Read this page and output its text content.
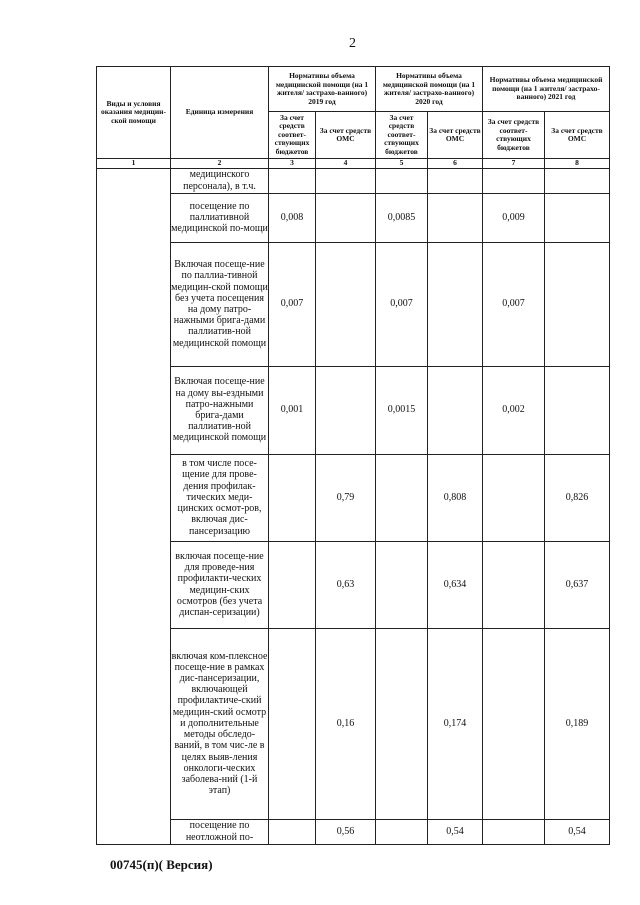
2
Виды и условия оказания медицин-ской помощи	Единица измерения	Нормативы объема медицинской помощи (на 1 жителя/ застрахо-ванного) 2019 год		Нормативы объема медицинской помощи (на 1 жителя/ застрахо-ванного) 2020 год		Нормативы объема медицинской помощи (на 1 жителя/ застрахо-ванного) 2021 год	
		За счет средств соответ-ствующих бюджетов	За счет средств ОМС	За счет средств соответ-ствующих бюджетов	За счет средств ОМС	За счет средств соответ-ствующих бюджетов	За счет средств ОМС
1	2	3	4	5	6	7	8
	медицинского персонала), в т.ч.						
	посещение по паллиативной медицинской по-мощи	0,008		0,0085		0,009	
	Включая посеще-ние по паллиа-тивной медицин-ской помощи без учета посещения на дому патро-нажными брига-дами паллиатив-ной медицинской помощи	0,007		0,007		0,007	
	Включая посеще-ние на дому вы-ездными патро-нажными брига-дами паллиатив-ной медицинской помощи	0,001		0,0015		0,002	
	в том числе посе-щение для прове-дения профилак-тических меди-цинских осмот-ров, включая дис-пансеризацию		0,79		0,808		0,826
	включая посеще-ние для проведе-ния профилакти-ческих медицин-ских осмотров (без учета диспан-серизации)		0,63		0,634		0,637
	включая ком-плексное посеще-ние в рамках дис-пансеризации, включающей профилактиче-ский медицин-ский осмотр и дополнительные методы обследо-ваний, в том чис-ле в целях выяв-ления онкологи-ческих заболева-ний (1-й этап)		0,16		0,174		0,189
	посещение по неотложной по-		0,56		0,54		0,54
00745(п)( Версия)
